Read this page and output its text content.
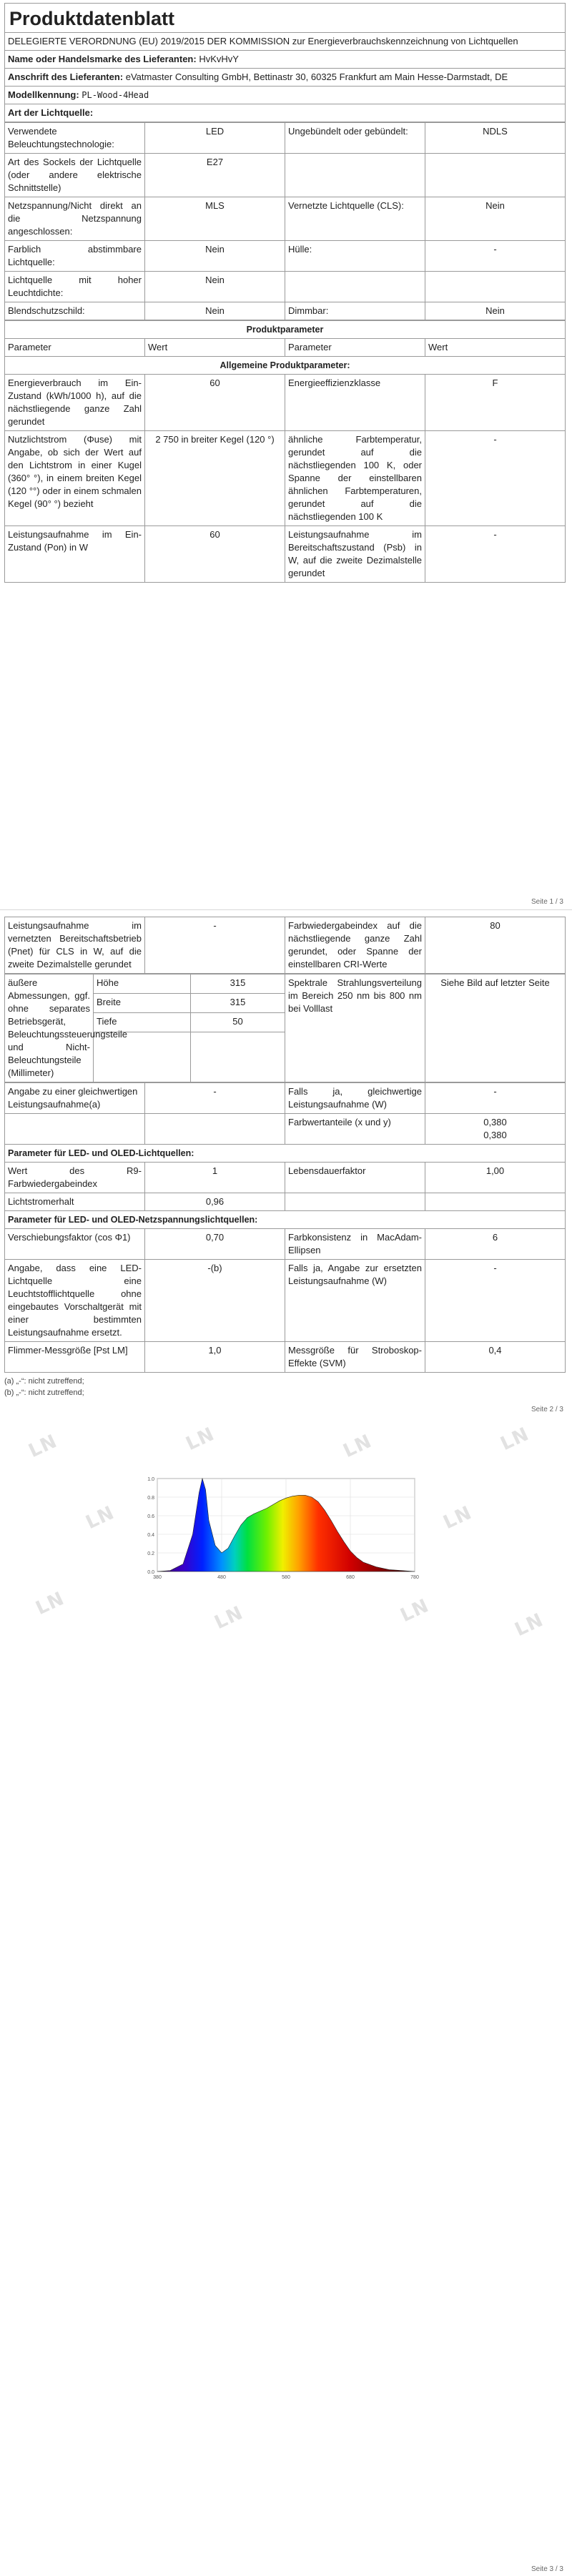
Produktdatenblatt
DELEGIERTE VERORDNUNG (EU) 2019/2015 DER KOMMISSION zur Energieverbrauchskennzeichnung von Lichtquellen
Name oder Handelsmarke des Lieferanten: HvKvHvY
Anschrift des Lieferanten: eVatmaster Consulting GmbH, Bettinastr 30, 60325 Frankfurt am Main Hesse-Darmstadt, DE
Modellkennung: PL-Wood-4Head
Art der Lichtquelle:
Verwendete Beleuchtungstechnologie:	LED	Ungebündelt oder gebündelt:	NDLS
Art des Sockels der Lichtquelle (oder andere elektrische Schnittstelle)	E27		
Netzspannung/Nicht direkt an die Netzspannung angeschlossen:	MLS	Vernetzte Lichtquelle (CLS):	Nein
Farblich abstimmbare Lichtquelle:	Nein	Hülle:	-
Lichtquelle mit hoher Leuchtdichte:	Nein		
Blendschutzschild:	Nein	Dimmbar:	Nein
Produktparameter			
Parameter	Wert	Parameter	Wert
Allgemeine Produktparameter:			
Energieverbrauch im Ein-Zustand (kWh/1000 h), auf die nächstliegende ganze Zahl gerundet	60	Energieeffizienzklasse	F
Nutzlichtstrom (Φuse) mit Angabe, ob sich der Wert auf den Lichtstrom in einer Kugel (360° °), in einem breiten Kegel (120 °°) oder in einem schmalen Kegel (90° °) bezieht	2 750 in breiter Kegel (120 °)	ähnliche Farbtemperatur, gerundet auf die nächstliegenden 100 K, oder Spanne der einstellbaren ähnlichen Farbtemperaturen, gerundet auf die nächstliegenden 100 K	-
Leistungsaufnahme im Ein-Zustand (Pon) in W	60	Leistungsaufnahme im Bereitschaftszustand (Psb) in W, auf die zweite Dezimalstelle gerundet	-
Seite 1 / 3
Leistungsaufnahme im vernetzten Bereitschaftsbetrieb (Pnet) für CLS in W, auf die zweite Dezimalstelle gerundet	-	Farbwiedergabeindex auf die nächstliegende ganze Zahl gerundet, oder Spanne der einstellbaren CRI-Werte	80
äußere Abmessungen, ggf. ohne separates Betriebsgerät, Beleuchtungssteuerungsteile und Nicht-Beleuchtungsteile (Millimeter)	Höhe	315	Spektrale Strahlungsverteilung im Bereich 250 nm bis 800 nm bei Volllast	Siehe Bild auf letzter Seite
	Breite	315		
	Tiefe	50		

Angabe zu einer gleichwertigen Leistungsaufnahme(a)	-	Falls ja, gleichwertige Leistungsaufnahme (W)	-
		Farbwertanteile (x und y)	0,380
0,380

Parameter für LED- und OLED-Lichtquellen:			
Wert des R9-Farbwiedergabeindex	1	Lebensdauerfaktor	1,00
Lichtstromerhalt	0,96		
Parameter für LED- und OLED-Netzspannungslichtquellen:			
Verschiebungsfaktor (cos Φ1)	0,70	Farbkonsistenz in MacAdam-Ellipsen	6
Angabe, dass eine LED-Lichtquelle eine Leuchtstofflichtquelle ohne eingebautes Vorschaltgerät mit einer bestimmten Leistungsaufnahme ersetzt.	-(b)	Falls ja, Angabe zur ersetzten Leistungsaufnahme (W)	-
Flimmer-Messgröße [Pst LM]	1,0	Messgröße für Stroboskop-Effekte (SVM)	0,4
(a) „-“: nicht zutreffend;
(b) „-“: nicht zutreffend;
Seite 2 / 3
LN	LN	LN	LN
LN	LN
LN	LN	LN	LN
0.0
0.2
0.4
0.6
0.8
1.0
380	480	580	680	780
Seite 3 / 3
